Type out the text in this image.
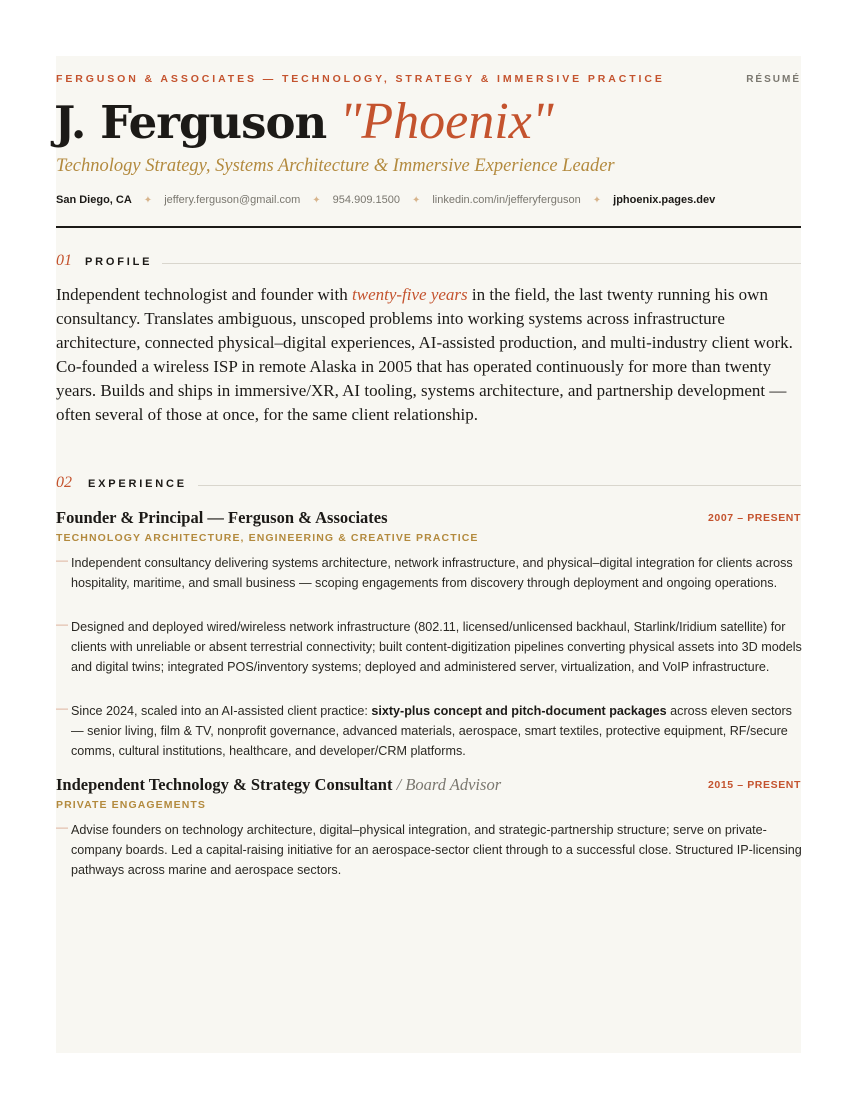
FERGUSON & ASSOCIATES — TECHNOLOGY, STRATEGY & IMMERSIVE PRACTICE	RÉSUMÉ
J. Ferguson "Phoenix"
Technology Strategy, Systems Architecture & Immersive Experience Leader
San Diego, CA ✦ jeffery.ferguson@gmail.com ✦ 954.909.1500 ✦ linkedin.com/in/jefferyferguson ✦ jphoenix.pages.dev
01 PROFILE
Independent technologist and founder with twenty-five years in the field, the last twenty running his own consultancy. Translates ambiguous, unscoped problems into working systems across infrastructure architecture, connected physical–digital experiences, AI-assisted production, and multi-industry client work. Co-founded a wireless ISP in remote Alaska in 2005 that has operated continuously for more than twenty years. Builds and ships in immersive/XR, AI tooling, systems architecture, and partnership development — often several of those at once, for the same client relationship.
02 EXPERIENCE
Founder & Principal — Ferguson & Associates	2007 – PRESENT
TECHNOLOGY ARCHITECTURE, ENGINEERING & CREATIVE PRACTICE
— Independent consultancy delivering systems architecture, network infrastructure, and physical–digital integration for clients across hospitality, maritime, and small business — scoping engagements from discovery through deployment and ongoing operations.
— Designed and deployed wired/wireless network infrastructure (802.11, licensed/unlicensed backhaul, Starlink/Iridium satellite) for clients with unreliable or absent terrestrial connectivity; built content-digitization pipelines converting physical assets into 3D models and digital twins; integrated POS/inventory systems; deployed and administered server, virtualization, and VoIP infrastructure.
— Since 2024, scaled into an AI-assisted client practice: sixty-plus concept and pitch-document packages across eleven sectors — senior living, film & TV, nonprofit governance, advanced materials, aerospace, smart textiles, protective equipment, RF/secure comms, cultural institutions, healthcare, and developer/CRM platforms.
Independent Technology & Strategy Consultant / Board Advisor	2015 – PRESENT
PRIVATE ENGAGEMENTS
— Advise founders on technology architecture, digital–physical integration, and strategic-partnership structure; serve on private-company boards. Led a capital-raising initiative for an aerospace-sector client through to a successful close. Structured IP-licensing pathways across marine and aerospace sectors.
